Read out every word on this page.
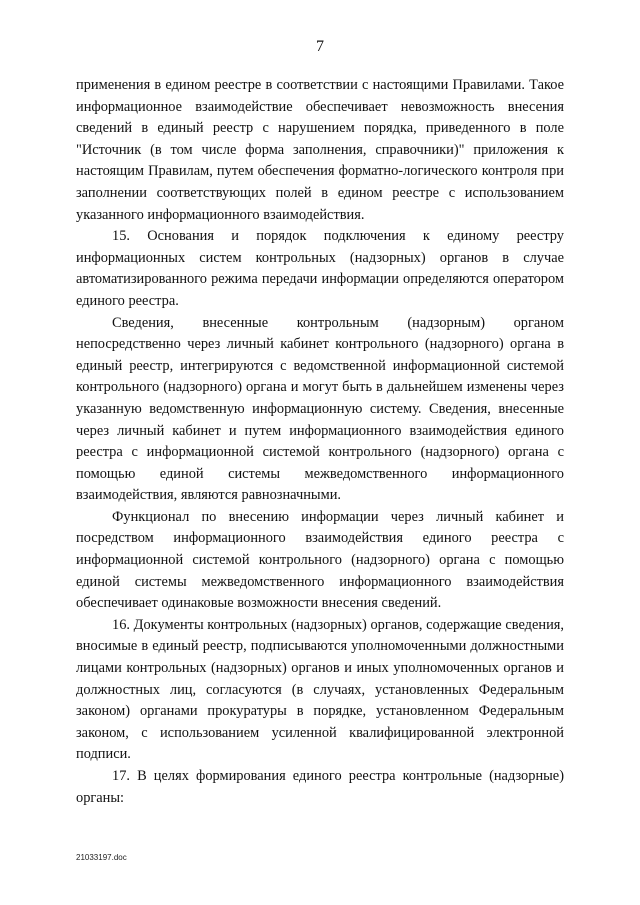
7

применения в едином реестре в соответствии с настоящими Правилами. Такое информационное взаимодействие обеспечивает невозможность внесения сведений в единый реестр с нарушением порядка, приведенного в поле "Источник (в том числе форма заполнения, справочники)" приложения к настоящим Правилам, путем обеспечения форматно-логического контроля при заполнении соответствующих полей в едином реестре с использованием указанного информационного взаимодействия.

15. Основания и порядок подключения к единому реестру информационных систем контрольных (надзорных) органов в случае автоматизированного режима передачи информации определяются оператором единого реестра.

Сведения, внесенные контрольным (надзорным) органом непосредственно через личный кабинет контрольного (надзорного) органа в единый реестр, интегрируются с ведомственной информационной системой контрольного (надзорного) органа и могут быть в дальнейшем изменены через указанную ведомственную информационную систему. Сведения, внесенные через личный кабинет и путем информационного взаимодействия единого реестра с информационной системой контрольного (надзорного) органа с помощью единой системы межведомственного информационного взаимодействия, являются равнозначными.

Функционал по внесению информации через личный кабинет и посредством информационного взаимодействия единого реестра с информационной системой контрольного (надзорного) органа с помощью единой системы межведомственного информационного взаимодействия обеспечивает одинаковые возможности внесения сведений.

16. Документы контрольных (надзорных) органов, содержащие сведения, вносимые в единый реестр, подписываются уполномоченными должностными лицами контрольных (надзорных) органов и иных уполномоченных органов и должностных лиц, согласуются (в случаях, установленных Федеральным законом) органами прокуратуры в порядке, установленном Федеральным законом, с использованием усиленной квалифицированной электронной подписи.

17. В целях формирования единого реестра контрольные (надзорные) органы:

21033197.doc
